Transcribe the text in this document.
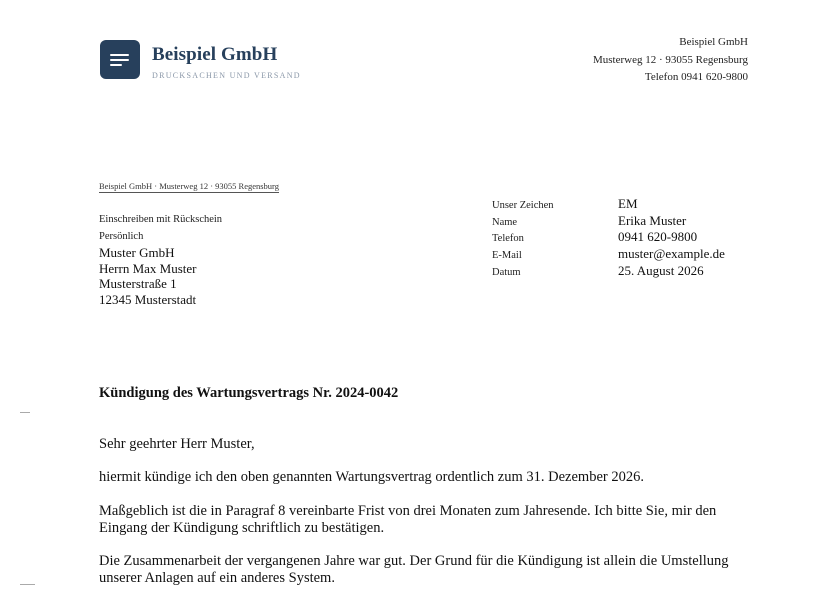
Beispiel GmbH
DRUCKSACHEN UND VERSAND
Beispiel GmbH
Musterweg 12 · 93055 Regensburg
Telefon 0941 620-9800
Beispiel GmbH · Musterweg 12 · 93055 Regensburg
Einschreiben mit Rückschein
Persönlich
Muster GmbH
Herrn Max Muster
Musterstraße 1
12345 Musterstadt
Unser Zeichen	EM
Name	Erika Muster
Telefon	0941 620-9800
E-Mail	muster@example.de
Datum	25. August 2026
Kündigung des Wartungsvertrags Nr. 2024-0042

Sehr geehrter Herr Muster,

hiermit kündige ich den oben genannten Wartungsvertrag ordentlich zum 31. Dezember 2026.

Maßgeblich ist die in Paragraf 8 vereinbarte Frist von drei Monaten zum Jahresende. Ich bitte Sie, mir den Eingang der Kündigung schriftlich zu bestätigen.

Die Zusammenarbeit der vergangenen Jahre war gut. Der Grund für die Kündigung ist allein die Umstellung unserer Anlagen auf ein anderes System.
